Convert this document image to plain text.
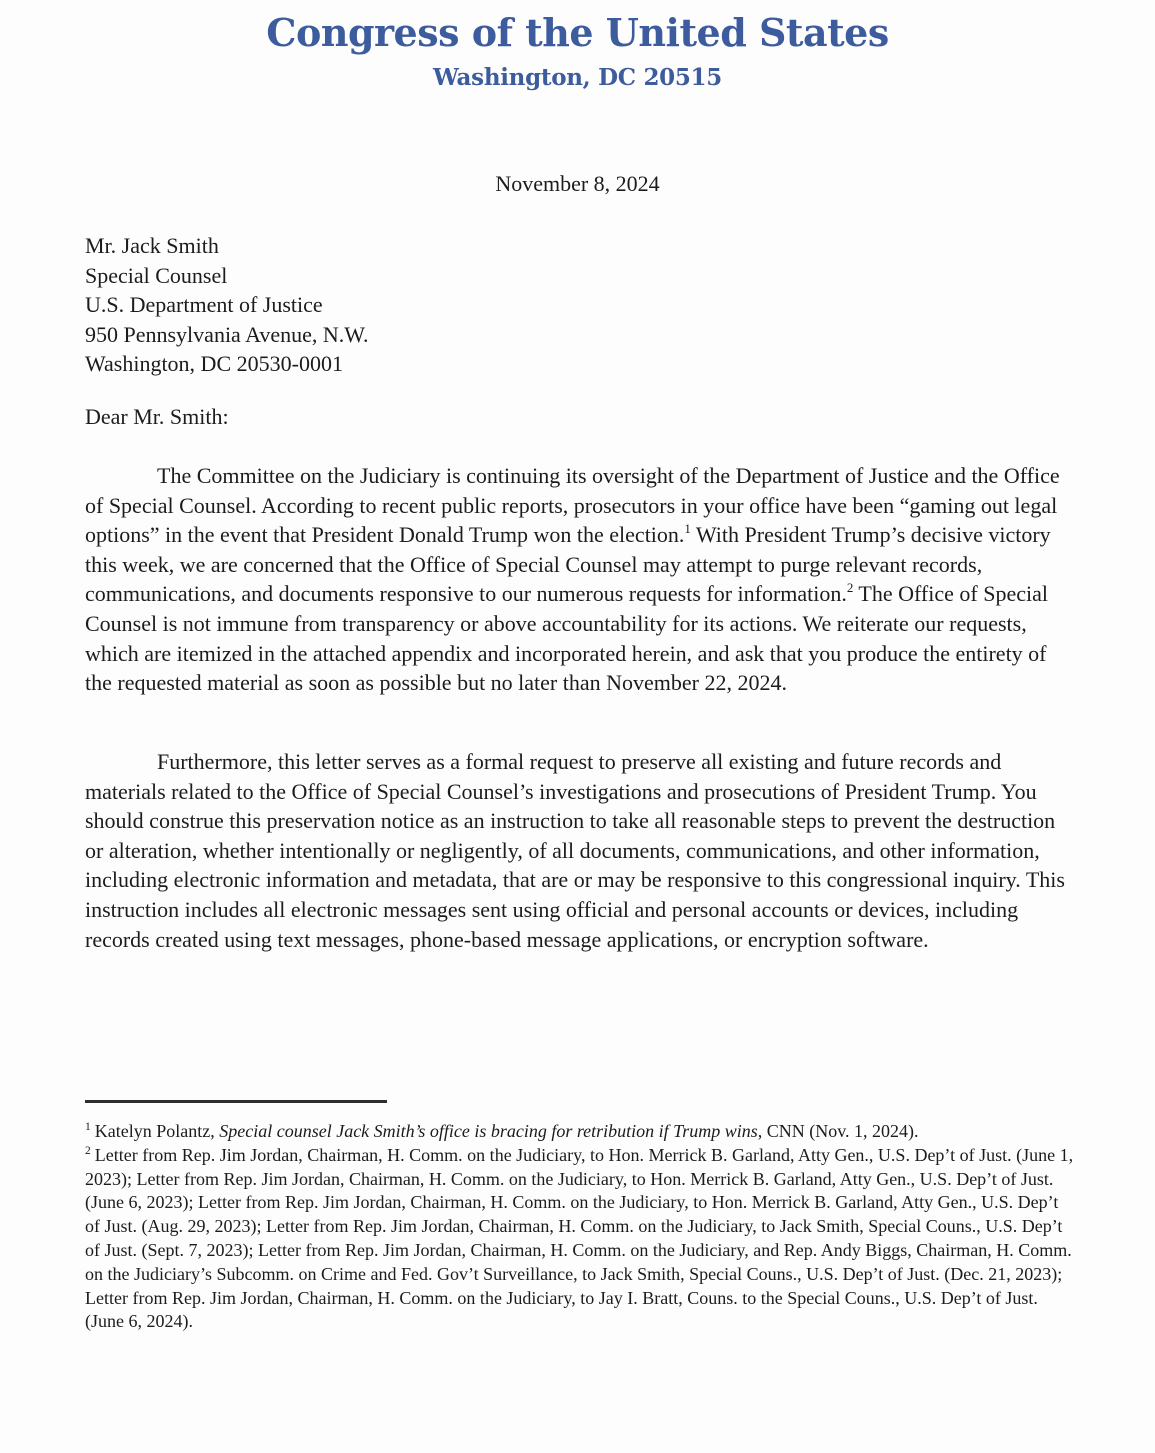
Congress of the United States
Washington, DC 20515
November 8, 2024
Mr. Jack Smith
Special Counsel
U.S. Department of Justice
950 Pennsylvania Avenue, N.W.
Washington, DC 20530-0001
Dear Mr. Smith:

The Committee on the Judiciary is continuing its oversight of the Department of Justice and the Office of Special Counsel. According to recent public reports, prosecutors in your office have been “gaming out legal options” in the event that President Donald Trump won the election.$^1$ With President Trump’s decisive victory this week, we are concerned that the Office of Special Counsel may attempt to purge relevant records, communications, and documents responsive to our numerous requests for information.$^2$ The Office of Special Counsel is not immune from transparency or above accountability for its actions. We reiterate our requests, which are itemized in the attached appendix and incorporated herein, and ask that you produce the entirety of the requested material as soon as possible but no later than November 22, 2024.

Furthermore, this letter serves as a formal request to preserve all existing and future records and materials related to the Office of Special Counsel’s investigations and prosecutions of President Trump. You should construe this preservation notice as an instruction to take all reasonable steps to prevent the destruction or alteration, whether intentionally or negligently, of all documents, communications, and other information, including electronic information and metadata, that are or may be responsive to this congressional inquiry. This instruction includes all electronic messages sent using official and personal accounts or devices, including records created using text messages, phone-based message applications, or encryption software.

$^1$ Katelyn Polantz, Special counsel Jack Smith’s office is bracing for retribution if Trump wins, CNN (Nov. 1, 2024).
$^2$ Letter from Rep. Jim Jordan, Chairman, H. Comm. on the Judiciary, to Hon. Merrick B. Garland, Atty Gen., U.S. Dep’t of Just. (June 1, 2023); Letter from Rep. Jim Jordan, Chairman, H. Comm. on the Judiciary, to Hon. Merrick B. Garland, Atty Gen., U.S. Dep’t of Just. (June 6, 2023); Letter from Rep. Jim Jordan, Chairman, H. Comm. on the Judiciary, to Hon. Merrick B. Garland, Atty Gen., U.S. Dep’t of Just. (Aug. 29, 2023); Letter from Rep. Jim Jordan, Chairman, H. Comm. on the Judiciary, to Jack Smith, Special Couns., U.S. Dep’t of Just. (Sept. 7, 2023); Letter from Rep. Jim Jordan, Chairman, H. Comm. on the Judiciary, and Rep. Andy Biggs, Chairman, H. Comm. on the Judiciary’s Subcomm. on Crime and Fed. Gov’t Surveillance, to Jack Smith, Special Couns., U.S. Dep’t of Just. (Dec. 21, 2023); Letter from Rep. Jim Jordan, Chairman, H. Comm. on the Judiciary, to Jay I. Bratt, Couns. to the Special Couns., U.S. Dep’t of Just. (June 6, 2024).
